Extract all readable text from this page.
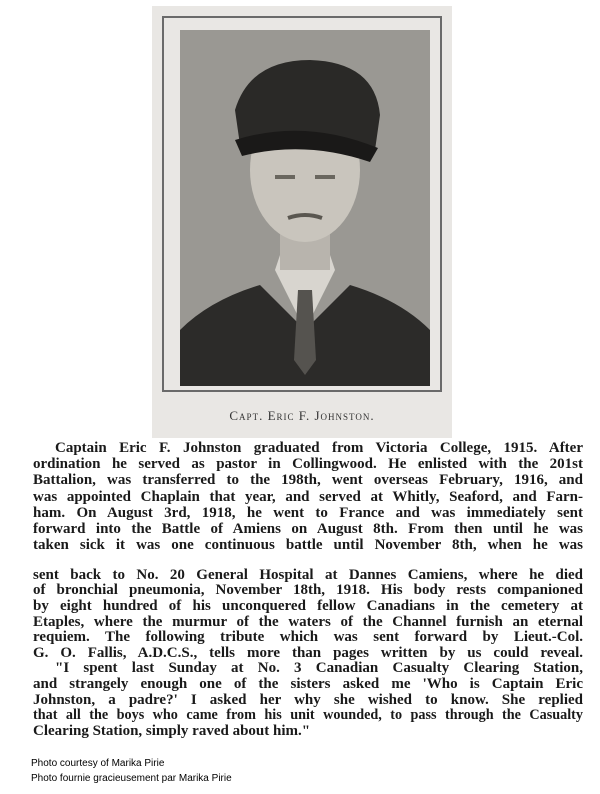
Capt. Eric F. Johnston.
Captain Eric F. Johnston graduated from Victoria College, 1915. After
ordination he served as pastor in Collingwood. He enlisted with the 201st
Battalion, was transferred to the 198th, went overseas February, 1916, and
was appointed Chaplain that year, and served at Whitly, Seaford, and Farn-
ham. On August 3rd, 1918, he went to France and was immediately sent
forward into the Battle of Amiens on August 8th. From then until he was
taken sick it was one continuous battle until November 8th, when he was
sent back to No. 20 General Hospital at Dannes Camiens, where he died
of bronchial pneumonia, November 18th, 1918. His body rests companioned
by eight hundred of his unconquered fellow Canadians in the cemetery at
Etaples, where the murmur of the waters of the Channel furnish an eternal
requiem. The following tribute which was sent forward by Lieut.-Col.
G. O. Fallis, A.D.C.S., tells more than pages written by us could reveal.
"I spent last Sunday at No. 3 Canadian Casualty Clearing Station,
and strangely enough one of the sisters asked me 'Who is Captain Eric
Johnston, a padre?' I asked her why she wished to know. She replied
that all the boys who came from his unit wounded, to pass through the Casualty
Clearing Station, simply raved about him."
Photo courtesy of Marika Pirie
Photo fournie gracieusement par Marika Pirie
